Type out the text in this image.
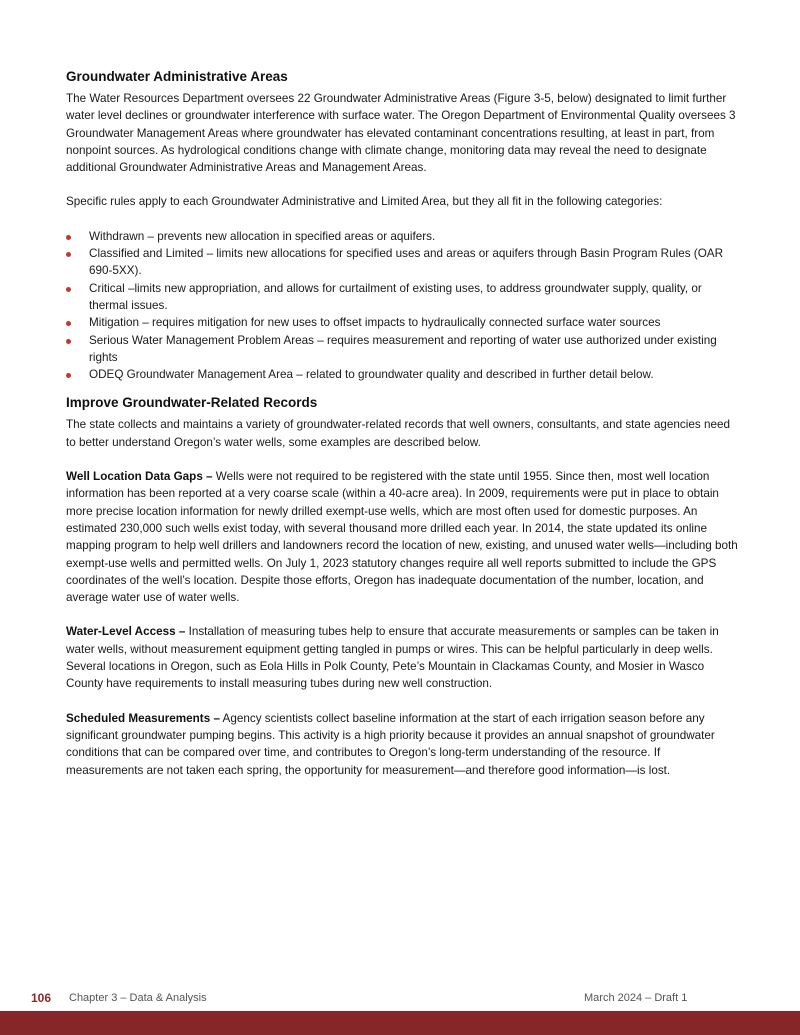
Groundwater Administrative Areas

The Water Resources Department oversees 22 Groundwater Administrative Areas (Figure 3-5, below) designated to limit further water level declines or groundwater interference with surface water. The Oregon Department of Environmental Quality oversees 3 Groundwater Management Areas where groundwater has elevated contaminant concentrations resulting, at least in part, from nonpoint sources. As hydrological conditions change with climate change, monitoring data may reveal the need to designate additional Groundwater Administrative Areas and Management Areas.

Specific rules apply to each Groundwater Administrative and Limited Area, but they all fit in the following categories:

Withdrawn – prevents new allocation in specified areas or aquifers.
Classified and Limited – limits new allocations for specified uses and areas or aquifers through Basin Program Rules (OAR 690-5XX).
Critical –limits new appropriation, and allows for curtailment of existing uses, to address groundwater supply, quality, or thermal issues.
Mitigation – requires mitigation for new uses to offset impacts to hydraulically connected surface water sources
Serious Water Management Problem Areas – requires measurement and reporting of water use authorized under existing rights
ODEQ Groundwater Management Area – related to groundwater quality and described in further detail below.
Improve Groundwater-Related Records

The state collects and maintains a variety of groundwater-related records that well owners, consultants, and state agencies need to better understand Oregon’s water wells, some examples are described below.

Well Location Data Gaps – Wells were not required to be registered with the state until 1955. Since then, most well location information has been reported at a very coarse scale (within a 40-acre area). In 2009, requirements were put in place to obtain more precise location information for newly drilled exempt-use wells, which are most often used for domestic purposes. An estimated 230,000 such wells exist today, with several thousand more drilled each year. In 2014, the state updated its online mapping program to help well drillers and landowners record the location of new, existing, and unused water wells—including both exempt-use wells and permitted wells. On July 1, 2023 statutory changes require all well reports submitted to include the GPS coordinates of the well’s location. Despite those efforts, Oregon has inadequate documentation of the number, location, and average water use of water wells.

Water-Level Access – Installation of measuring tubes help to ensure that accurate measurements or samples can be taken in water wells, without measurement equipment getting tangled in pumps or wires. This can be helpful particularly in deep wells. Several locations in Oregon, such as Eola Hills in Polk County, Pete’s Mountain in Clackamas County, and Mosier in Wasco County have requirements to install measuring tubes during new well construction.

Scheduled Measurements – Agency scientists collect baseline information at the start of each irrigation season before any significant groundwater pumping begins. This activity is a high priority because it provides an annual snapshot of groundwater conditions that can be compared over time, and contributes to Oregon’s long-term understanding of the resource. If measurements are not taken each spring, the opportunity for measurement—and therefore good information—is lost.

106 Chapter 3 – Data & Analysis	March 2024 – Draft 1
